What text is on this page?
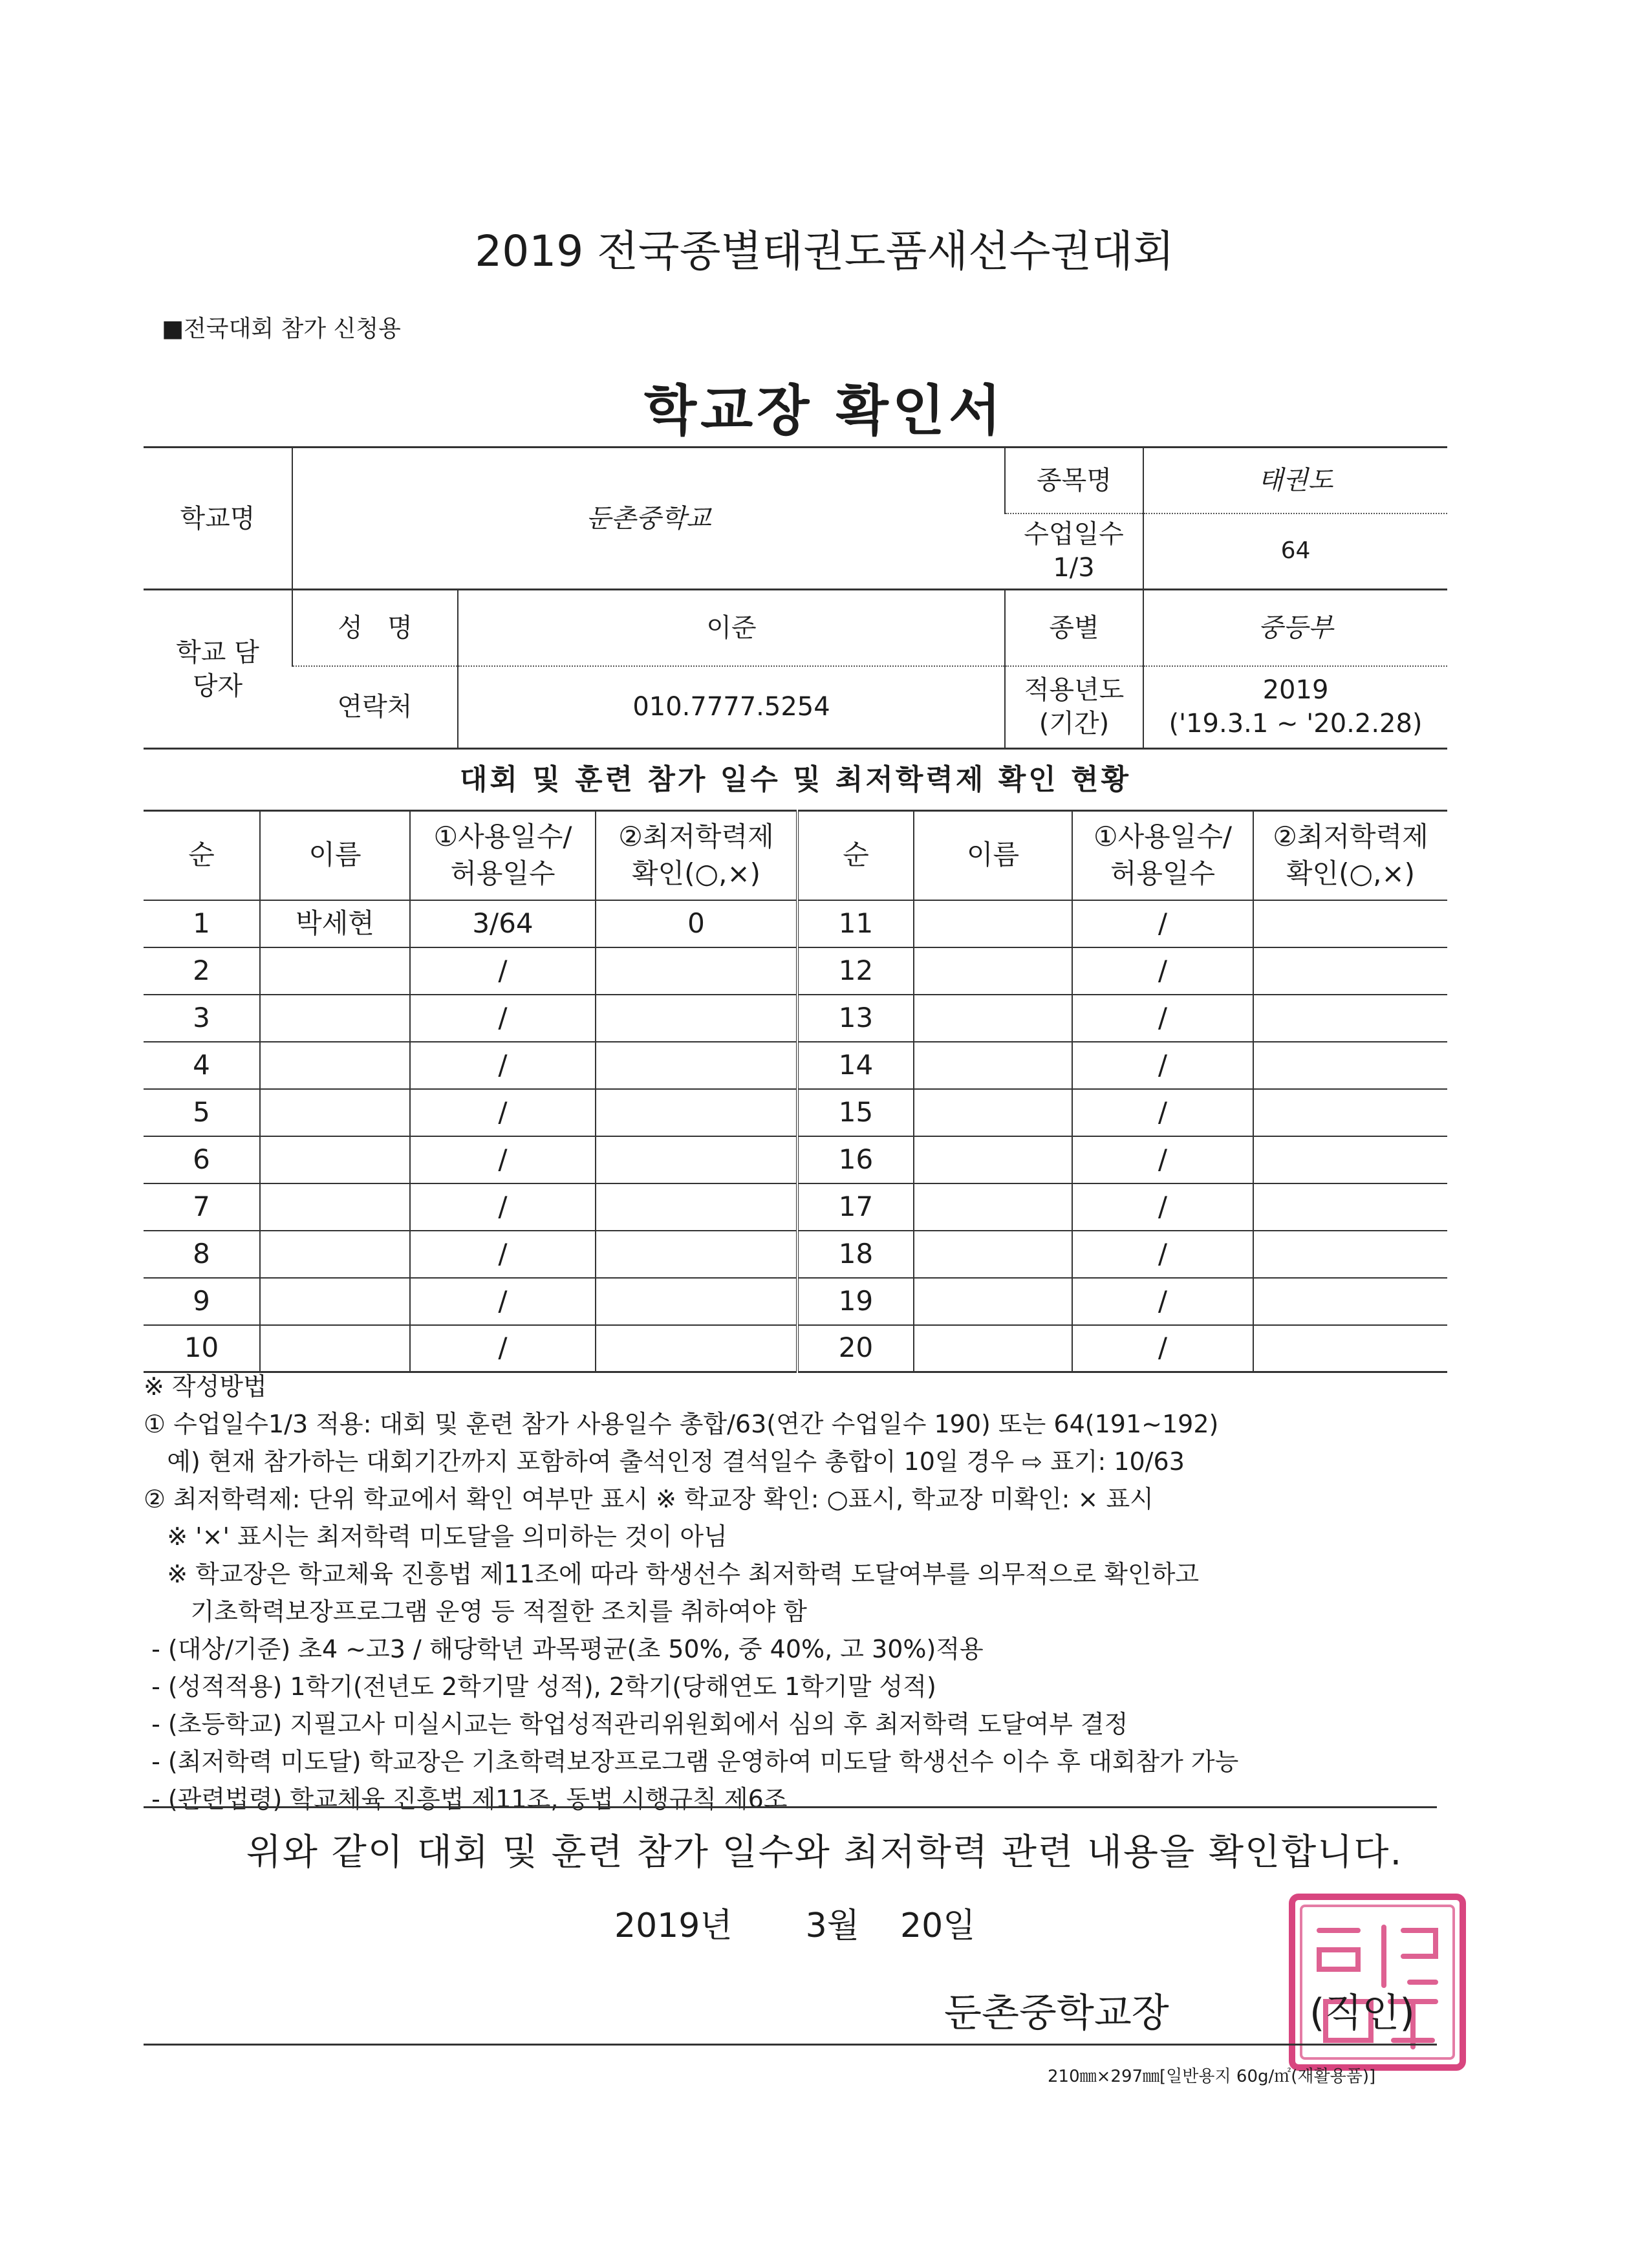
2019 전국종별태권도품새선수권대회
■전국대회 참가 신청용
학교장 확인서
학교명	둔촌중학교		종목명	태권도
			수업일수 1/3	64
학교 담당자	성   명	이준	종별	중등부
	연락처	010.7777.5254	적용년도 (기간)	2019
('19.3.1 ~ '20.2.28)
대회 및 훈련 참가 일수 및 최저학력제 확인 현황
순	이름	①사용일수/ 허용일수	②최저학력제 확인(○,×)	순	이름	①사용일수/ 허용일수	②최저학력제 확인(○,×)
1	박세현	3/64	0	11		/	
2		/		12		/	
3		/		13		/	
4		/		14		/	
5		/		15		/	
6		/		16		/	
7		/		17		/	
8		/		18		/	
9		/		19		/	
10		/		20		/	
※ 작성방법
① 수업일수1/3 적용: 대회 및 훈련 참가 사용일수 총합/63(연간 수업일수 190) 또는 64(191~192)
예) 현재 참가하는 대회기간까지 포함하여 출석인정 결석일수 총합이 10일 경우 ⇨ 표기: 10/63
② 최저학력제: 단위 학교에서 확인 여부만 표시 ※ 학교장 확인: ○표시, 학교장 미확인: × 표시
※ '×' 표시는 최저학력 미도달을 의미하는 것이 아님
※ 학교장은 학교체육 진흥법 제11조에 따라 학생선수 최저학력 도달여부를 의무적으로 확인하고
기초학력보장프로그램 운영 등 적절한 조치를 취하여야 함
- (대상/기준) 초4 ~고3 / 해당학년 과목평균(초 50%, 중 40%, 고 30%)적용
- (성적적용) 1학기(전년도 2학기말 성적), 2학기(당해연도 1학기말 성적)
- (초등학교) 지필고사 미실시교는 학업성적관리위원회에서 심의 후 최저학력 도달여부 결정
- (최저학력 미도달) 학교장은 기초학력보장프로그램 운영하여 미도달 학생선수 이수 후 대회참가 가능
- (관련법령) 학교체육 진흥법 제11조, 동법 시행규칙 제6조
위와 같이 대회 및 훈련 참가 일수와 최저학력 관련 내용을 확인합니다.
2019년 3월 20일
둔촌중학교장	(직인)
210㎜×297㎜[일반용지 60g/㎡(재활용품)]
